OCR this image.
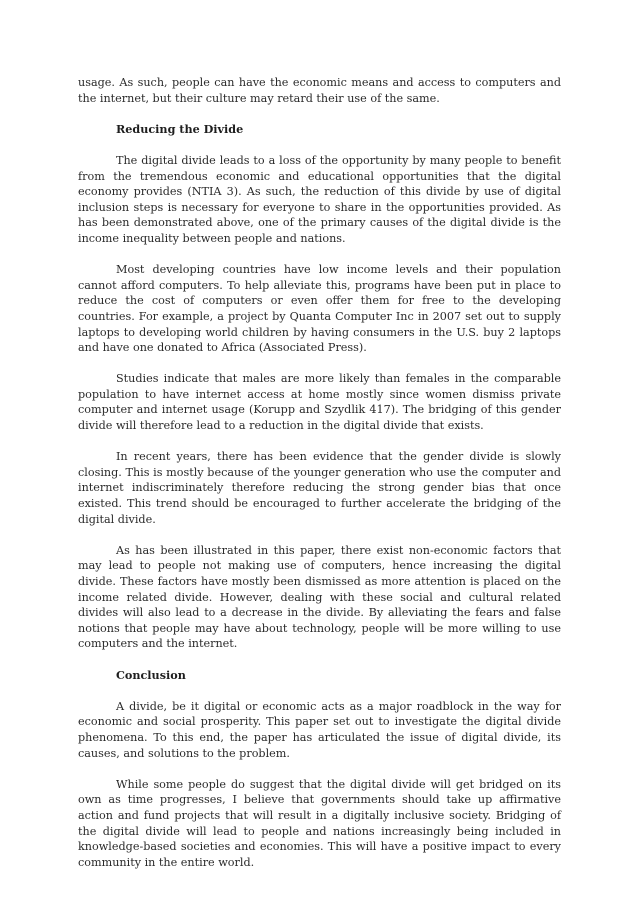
usage. As such, people can have the economic means and access to computers and the internet, but their culture may retard their use of the same.

Reducing the Divide

The digital divide leads to a loss of the opportunity by many people to benefit from the tremendous economic and educational opportunities that the digital economy provides (NTIA 3). As such, the reduction of this divide by use of digital inclusion steps is necessary for everyone to share in the opportunities provided. As has been demonstrated above, one of the primary causes of the digital divide is the income inequality between people and nations.

Most developing countries have low income levels and their population cannot afford computers. To help alleviate this, programs have been put in place to reduce the cost of computers or even offer them for free to the developing countries. For example, a project by Quanta Computer Inc in 2007 set out to supply laptops to developing world children by having consumers in the U.S. buy 2 laptops and have one donated to Africa (Associated Press).

Studies indicate that males are more likely than females in the comparable population to have internet access at home mostly since women dismiss private computer and internet usage (Korupp and Szydlik 417). The bridging of this gender divide will therefore lead to a reduction in the digital divide that exists.

In recent years, there has been evidence that the gender divide is slowly closing. This is mostly because of the younger generation who use the computer and internet indiscriminately therefore reducing the strong gender bias that once existed. This trend should be encouraged to further accelerate the bridging of the digital divide.

As has been illustrated in this paper, there exist non-economic factors that may lead to people not making use of computers, hence increasing the digital divide. These factors have mostly been dismissed as more attention is placed on the income related divide. However, dealing with these social and cultural related divides will also lead to a decrease in the divide. By alleviating the fears and false notions that people may have about technology, people will be more willing to use computers and the internet.

Conclusion

A divide, be it digital or economic acts as a major roadblock in the way for economic and social prosperity. This paper set out to investigate the digital divide phenomena. To this end, the paper has articulated the issue of digital divide, its causes, and solutions to the problem.

While some people do suggest that the digital divide will get bridged on its own as time progresses, I believe that governments should take up affirmative action and fund projects that will result in a digitally inclusive society. Bridging of the digital divide will lead to people and nations increasingly being included in knowledge-based societies and economies. This will have a positive impact to every community in the entire world.
